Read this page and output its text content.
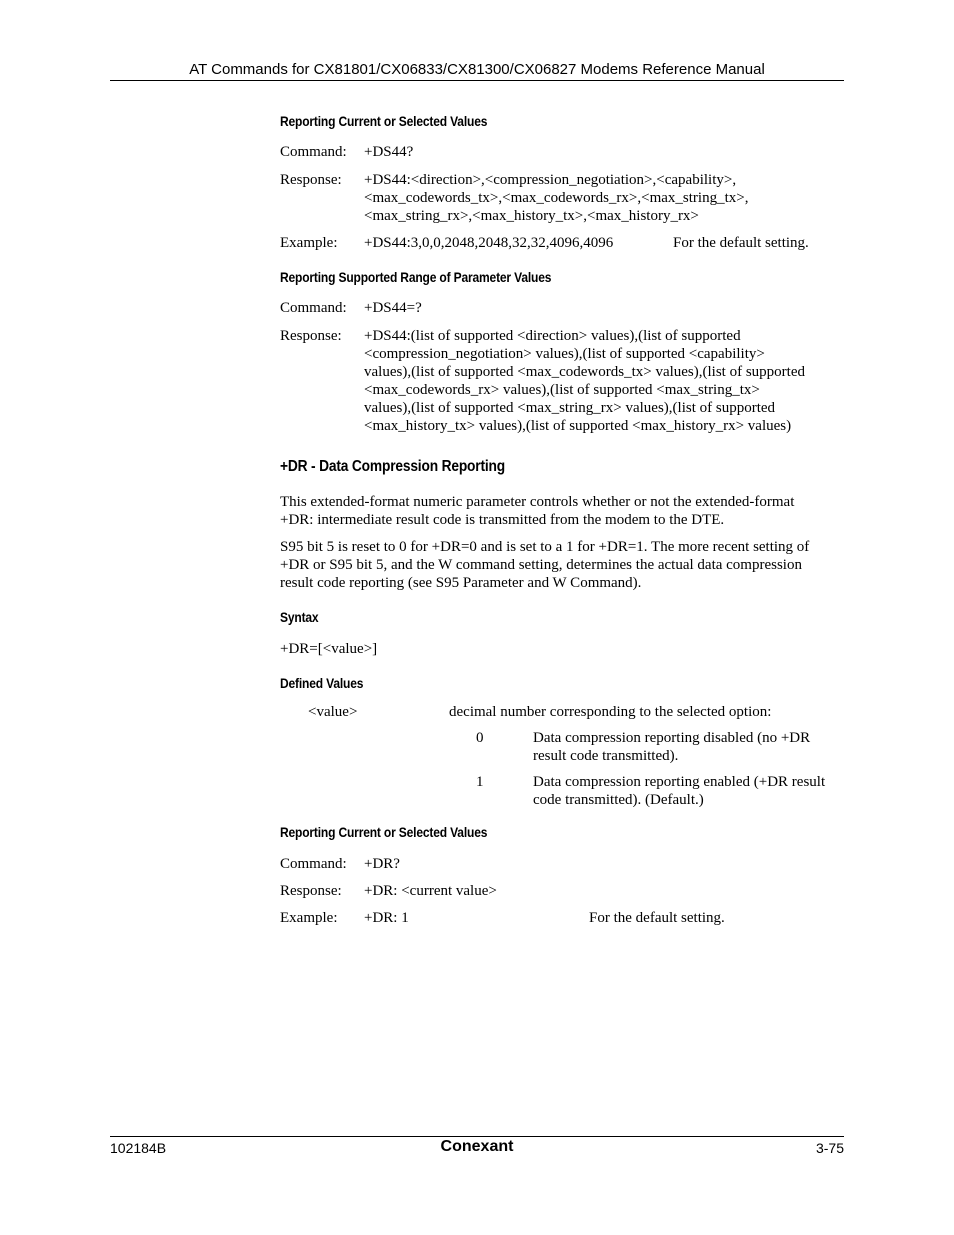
AT Commands for CX81801/CX06833/CX81300/CX06827 Modems Reference Manual
Reporting Current or Selected Values
Command: +DS44?
Response: +DS44:<direction>,<compression_negotiation>,<capability>,
<max_codewords_tx>,<max_codewords_rx>,<max_string_tx>,
<max_string_rx>,<max_history_tx>,<max_history_rx>
Example: +DS44:3,0,0,2048,2048,32,32,4096,4096	For the default setting.
Reporting Supported Range of Parameter Values
Command: +DS44=?
Response: +DS44:(list of supported <direction> values),(list of supported
<compression_negotiation> values),(list of supported <capability>
values),(list of supported <max_codewords_tx> values),(list of supported
<max_codewords_rx> values),(list of supported <max_string_tx>
values),(list of supported <max_string_rx> values),(list of supported
<max_history_tx> values),(list of supported <max_history_rx> values)
+DR - Data Compression Reporting
This extended-format numeric parameter controls whether or not the extended-format
+DR: intermediate result code is transmitted from the modem to the DTE.
S95 bit 5 is reset to 0 for +DR=0 and is set to a 1 for +DR=1. The more recent setting of
+DR or S95 bit 5, and the W command setting, determines the actual data compression
result code reporting (see S95 Parameter and W Command).
Syntax
+DR=[<value>]
Defined Values
<value>	decimal number corresponding to the selected option:
0	Data compression reporting disabled (no +DR
result code transmitted).
1	Data compression reporting enabled (+DR result
code transmitted). (Default.)
Reporting Current or Selected Values
Command: +DR?
Response: +DR: <current value>
Example: +DR: 1	For the default setting.
102184B	Conexant	3-75
